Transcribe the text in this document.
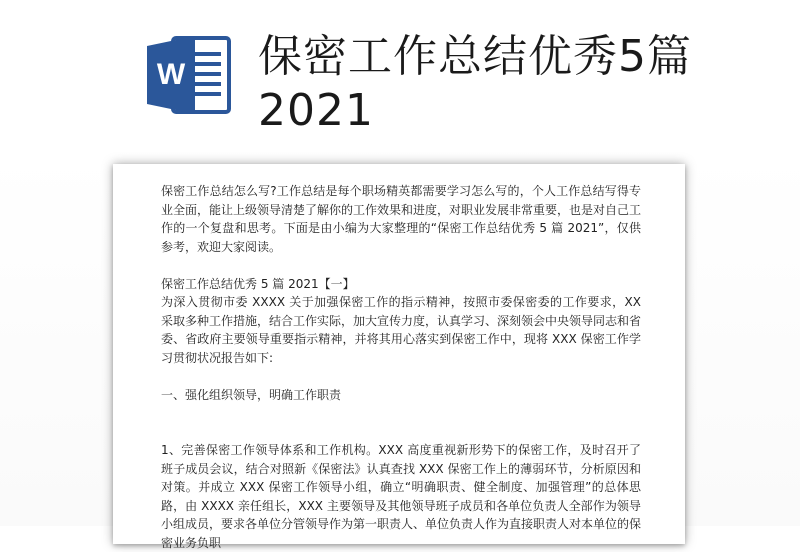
W 保密工作总结优秀5篇2021

保密工作总结怎么写?工作总结是每个职场精英都需要学习怎么写的，个人工作总结写得专业全面，能让上级领导清楚了解你的工作效果和进度，对职业发展非常重要，也是对自己工作的一个复盘和思考。下面是由小编为大家整理的“保密工作总结优秀 5 篇 2021”，仅供参考，欢迎大家阅读。

保密工作总结优秀 5 篇 2021【一】

为深入贯彻市委 XXXX 关于加强保密工作的指示精神，按照市委保密委的工作要求，XX 采取多种工作措施，结合工作实际，加大宣传力度，认真学习、深刻领会中央领导同志和省委、省政府主要领导重要指示精神，并将其用心落实到保密工作中，现将 XXX 保密工作学习贯彻状况报告如下:

一、强化组织领导，明确工作职责

1、完善保密工作领导体系和工作机构。XXX 高度重视新形势下的保密工作，及时召开了班子成员会议，结合对照新《保密法》认真查找 XXX 保密工作上的薄弱环节，分析原因和对策。并成立 XXX 保密工作领导小组，确立“明确职责、健全制度、加强管理”的总体思路，由 XXXX 亲任组长，XXX 主要领导及其他领导班子成员和各单位负责人全部作为领导小组成员，要求各单位分管领导作为第一职责人、单位负责人作为直接职责人对本单位的保密业务负职
